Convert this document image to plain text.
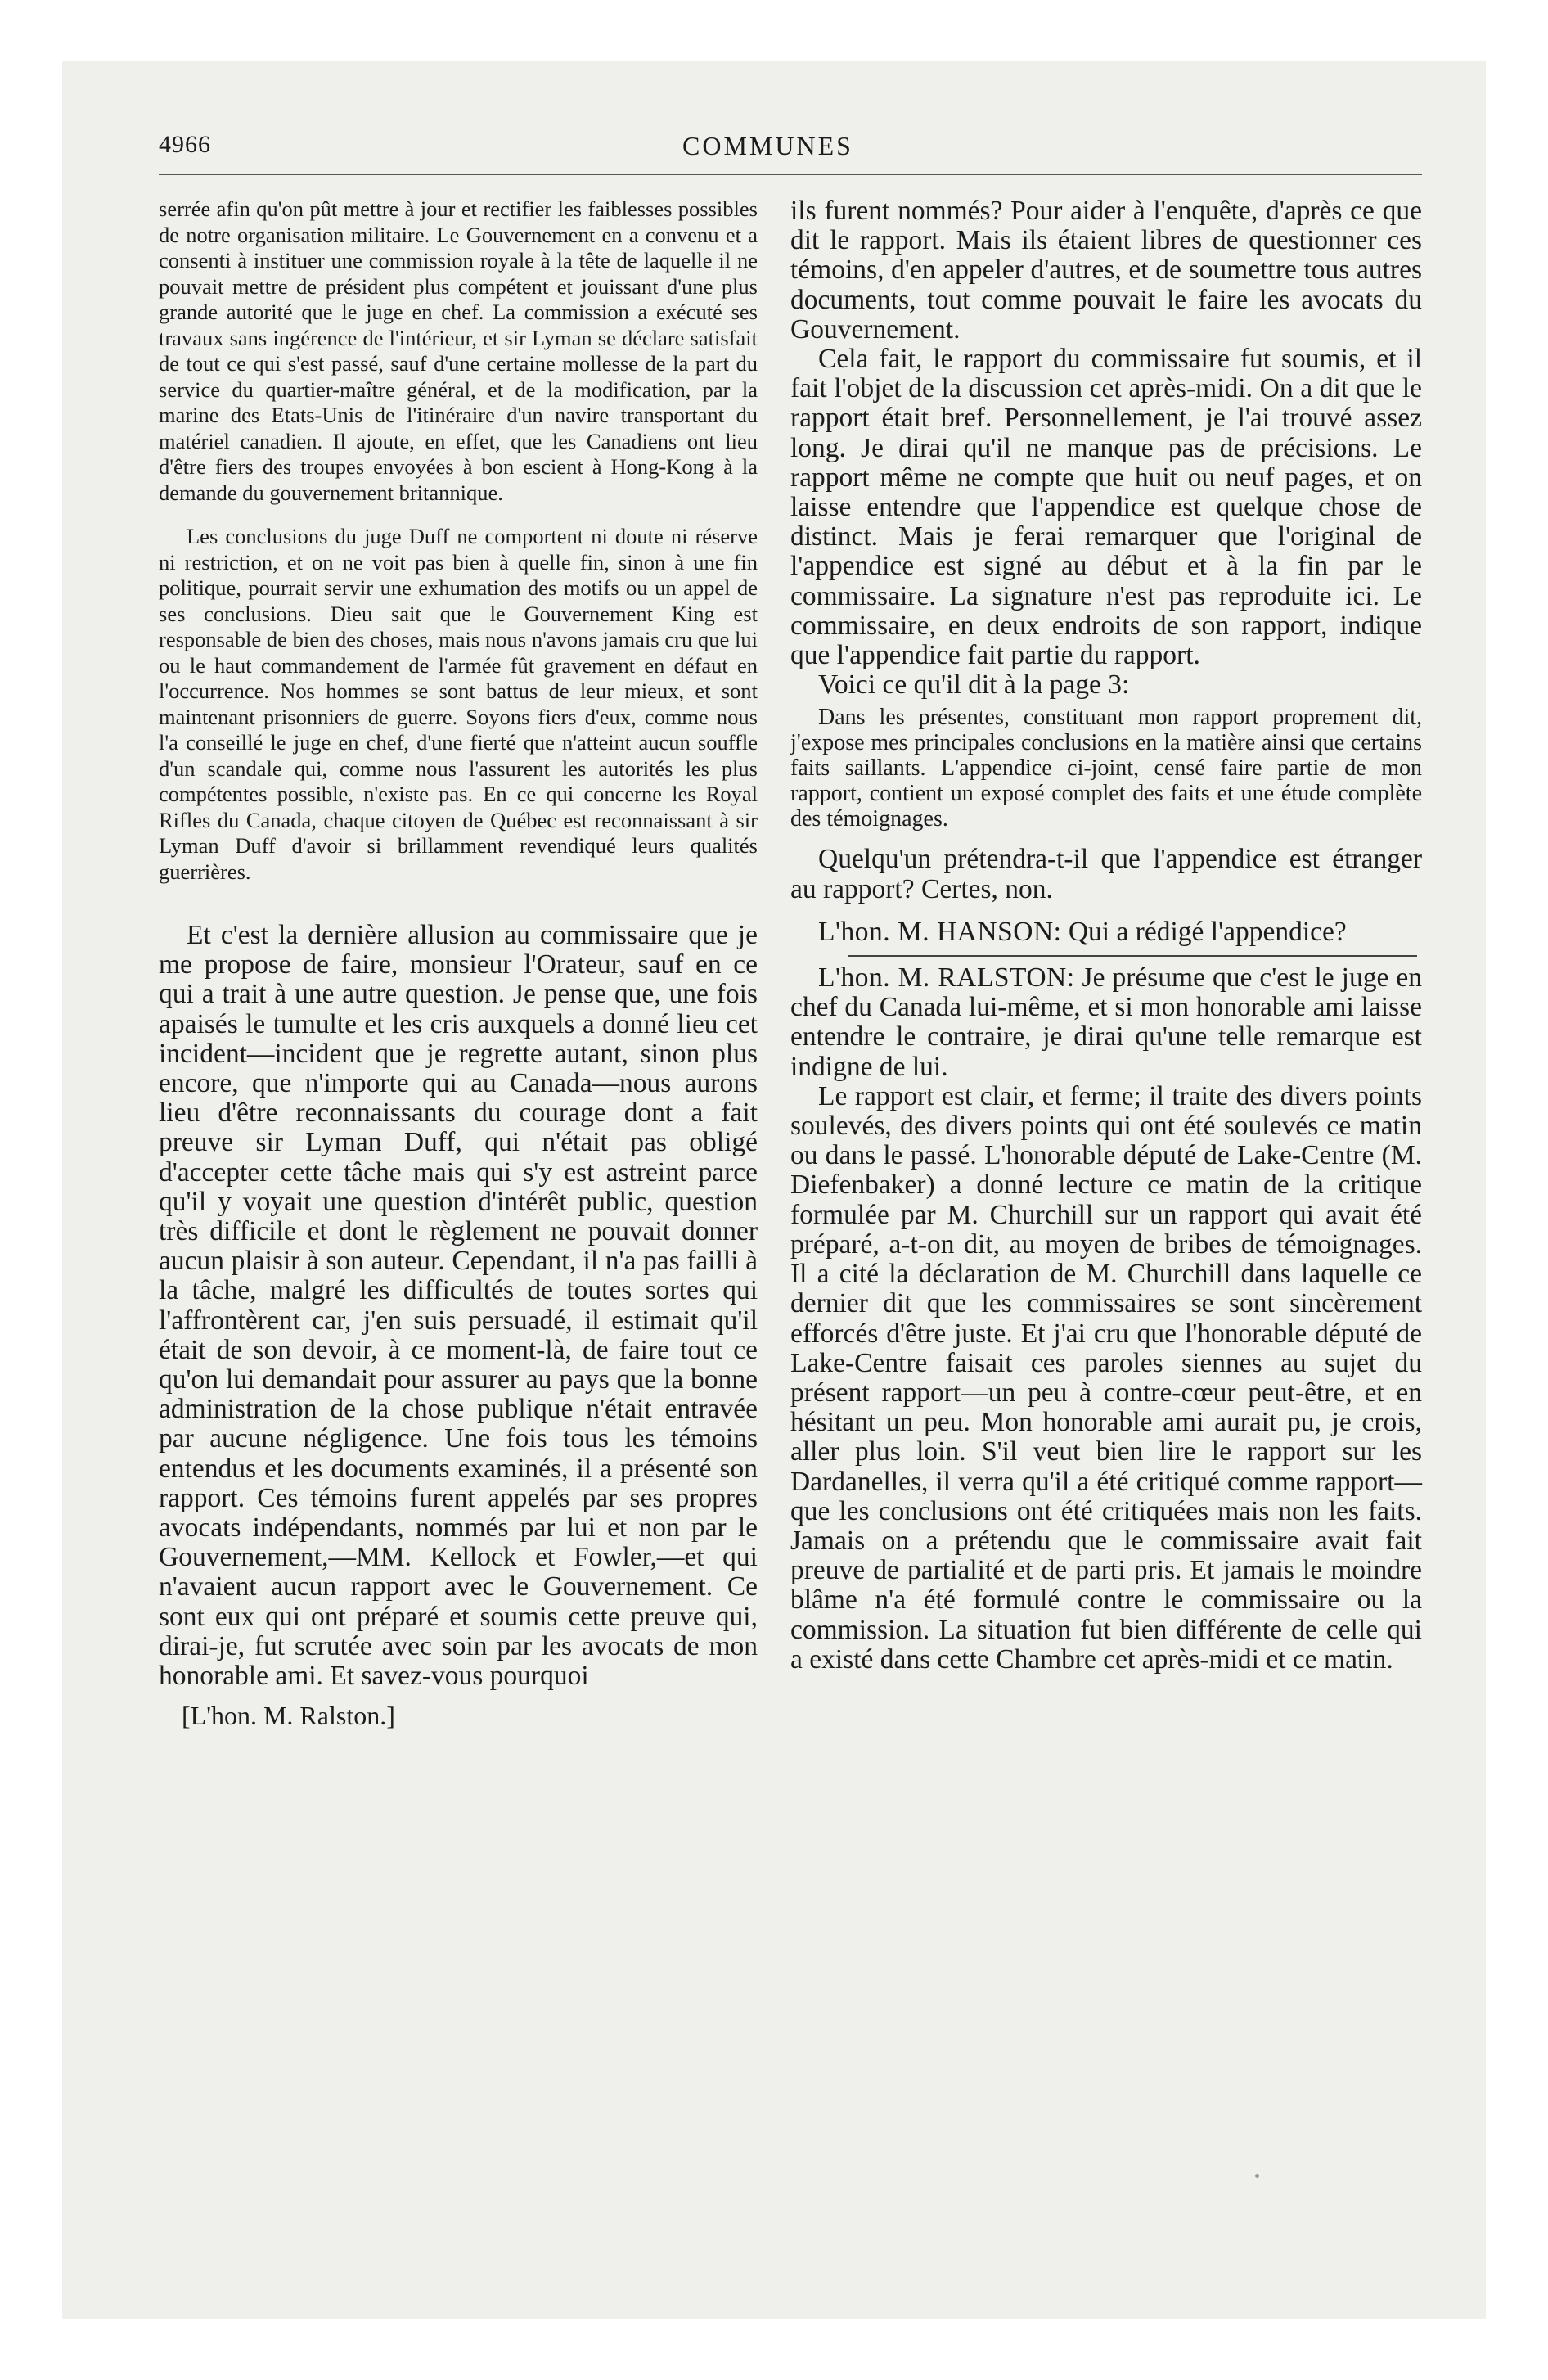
4966	COMMUNES

serrée afin qu'on pût mettre à jour et rectifier les faiblesses possibles de notre organisation militaire. Le Gouvernement en a convenu et a consenti à instituer une commission royale à la tête de laquelle il ne pouvait mettre de président plus compétent et jouissant d'une plus grande autorité que le juge en chef. La commission a exécuté ses travaux sans ingérence de l'intérieur, et sir Lyman se déclare satisfait de tout ce qui s'est passé, sauf d'une certaine mollesse de la part du service du quartier-maître général, et de la modification, par la marine des Etats-Unis de l'itinéraire d'un navire transportant du matériel canadien. Il ajoute, en effet, que les Canadiens ont lieu d'être fiers des troupes envoyées à bon escient à Hong-Kong à la demande du gouvernement britannique.

Les conclusions du juge Duff ne comportent ni doute ni réserve ni restriction, et on ne voit pas bien à quelle fin, sinon à une fin politique, pourrait servir une exhumation des motifs ou un appel de ses conclusions. Dieu sait que le Gouvernement King est responsable de bien des choses, mais nous n'avons jamais cru que lui ou le haut commandement de l'armée fût gravement en défaut en l'occurrence. Nos hommes se sont battus de leur mieux, et sont maintenant prisonniers de guerre. Soyons fiers d'eux, comme nous l'a conseillé le juge en chef, d'une fierté que n'atteint aucun souffle d'un scandale qui, comme nous l'assurent les autorités les plus compétentes possible, n'existe pas. En ce qui concerne les Royal Rifles du Canada, chaque citoyen de Québec est reconnaissant à sir Lyman Duff d'avoir si brillamment revendiqué leurs qualités guerrières.

Et c'est la dernière allusion au commissaire que je me propose de faire, monsieur l'Orateur, sauf en ce qui a trait à une autre question. Je pense que, une fois apaisés le tumulte et les cris auxquels a donné lieu cet incident—incident que je regrette autant, sinon plus encore, que n'importe qui au Canada—nous aurons lieu d'être reconnaissants du courage dont a fait preuve sir Lyman Duff, qui n'était pas obligé d'accepter cette tâche mais qui s'y est astreint parce qu'il y voyait une question d'intérêt public, question très difficile et dont le règlement ne pouvait donner aucun plaisir à son auteur. Cependant, il n'a pas failli à la tâche, malgré les difficultés de toutes sortes qui l'affrontèrent car, j'en suis persuadé, il estimait qu'il était de son devoir, à ce moment-là, de faire tout ce qu'on lui demandait pour assurer au pays que la bonne administration de la chose publique n'était entravée par aucune négligence. Une fois tous les témoins entendus et les documents examinés, il a présenté son rapport. Ces témoins furent appelés par ses propres avocats indépendants, nommés par lui et non par le Gouvernement,—MM. Kellock et Fowler,—et qui n'avaient aucun rapport avec le Gouvernement. Ce sont eux qui ont préparé et soumis cette preuve qui, dirai-je, fut scrutée avec soin par les avocats de mon honorable ami. Et savez-vous pourquoi

[L'hon. M. Ralston.]

ils furent nommés? Pour aider à l'enquête, d'après ce que dit le rapport. Mais ils étaient libres de questionner ces témoins, d'en appeler d'autres, et de soumettre tous autres documents, tout comme pouvait le faire les avocats du Gouvernement.

Cela fait, le rapport du commissaire fut soumis, et il fait l'objet de la discussion cet après-midi. On a dit que le rapport était bref. Personnellement, je l'ai trouvé assez long. Je dirai qu'il ne manque pas de précisions. Le rapport même ne compte que huit ou neuf pages, et on laisse entendre que l'appendice est quelque chose de distinct. Mais je ferai remarquer que l'original de l'appendice est signé au début et à la fin par le commissaire. La signature n'est pas reproduite ici. Le commissaire, en deux endroits de son rapport, indique que l'appendice fait partie du rapport.

Voici ce qu'il dit à la page 3:

Dans les présentes, constituant mon rapport proprement dit, j'expose mes principales conclusions en la matière ainsi que certains faits saillants. L'appendice ci-joint, censé faire partie de mon rapport, contient un exposé complet des faits et une étude complète des témoignages.

Quelqu'un prétendra-t-il que l'appendice est étranger au rapport? Certes, non.

L'hon. M. HANSON: Qui a rédigé l'appendice?

L'hon. M. RALSTON: Je présume que c'est le juge en chef du Canada lui-même, et si mon honorable ami laisse entendre le contraire, je dirai qu'une telle remarque est indigne de lui.

Le rapport est clair, et ferme; il traite des divers points soulevés, des divers points qui ont été soulevés ce matin ou dans le passé. L'honorable député de Lake-Centre (M. Diefenbaker) a donné lecture ce matin de la critique formulée par M. Churchill sur un rapport qui avait été préparé, a-t-on dit, au moyen de bribes de témoignages. Il a cité la déclaration de M. Churchill dans laquelle ce dernier dit que les commissaires se sont sincèrement efforcés d'être juste. Et j'ai cru que l'honorable député de Lake-Centre faisait ces paroles siennes au sujet du présent rapport—un peu à contre-cœur peut-être, et en hésitant un peu. Mon honorable ami aurait pu, je crois, aller plus loin. S'il veut bien lire le rapport sur les Dardanelles, il verra qu'il a été critiqué comme rapport—que les conclusions ont été critiquées mais non les faits. Jamais on a prétendu que le commissaire avait fait preuve de partialité et de parti pris. Et jamais le moindre blâme n'a été formulé contre le commissaire ou la commission. La situation fut bien différente de celle qui a existé dans cette Chambre cet après-midi et ce matin.
